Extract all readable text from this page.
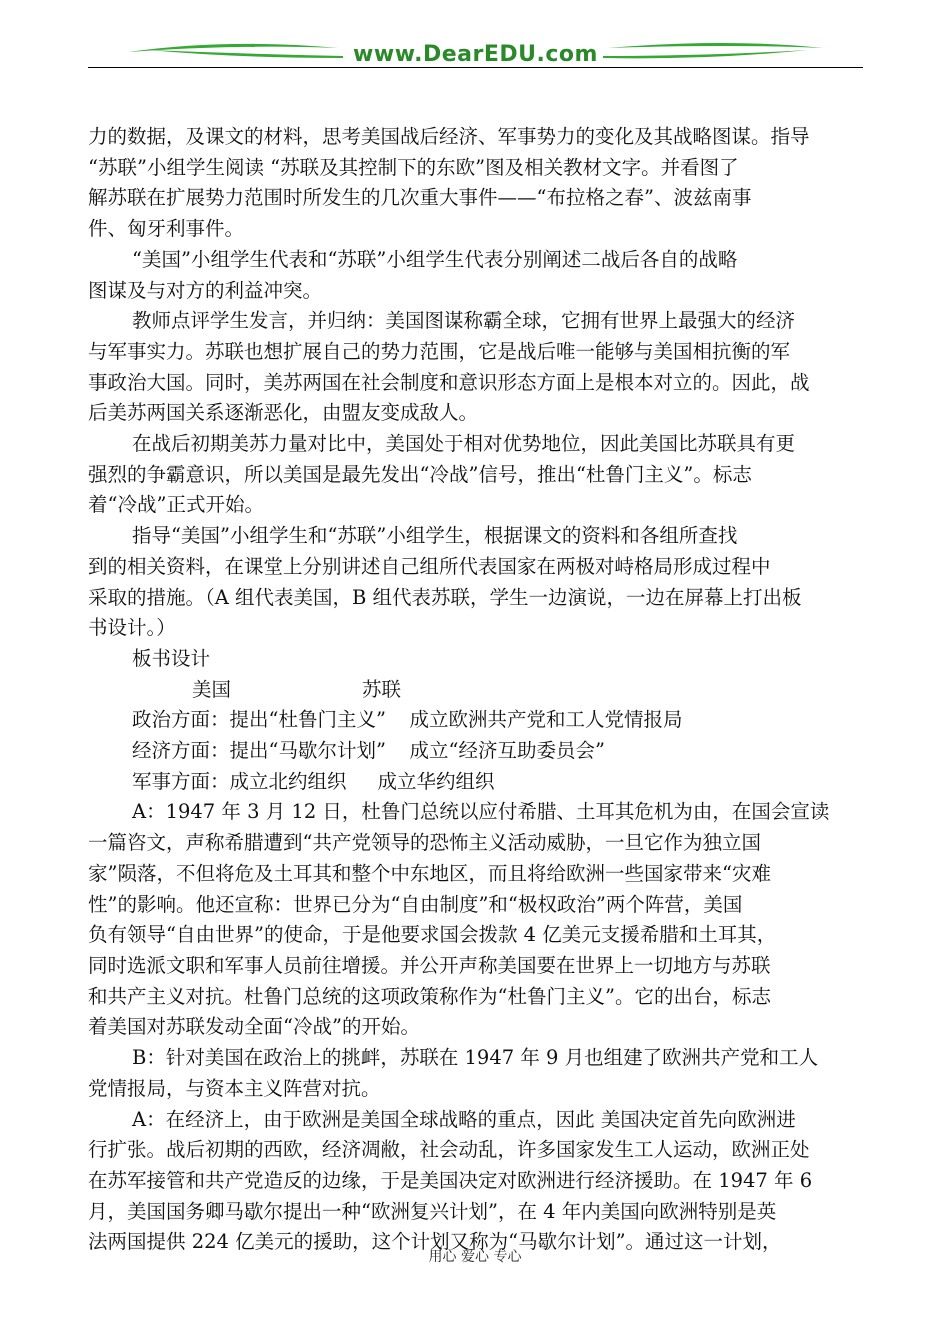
www.DearEDU.com

力的数据，及课文的材料，思考美国战后经济、军事势力的变化及其战略图谋。指导
“苏联”小组学生阅读 “苏联及其控制下的东欧”图及相关教材文字。并看图了
解苏联在扩展势力范围时所发生的几次重大事件——“布拉格之春”、波兹南事
件、匈牙利事件。

“美国”小组学生代表和“苏联”小组学生代表分别阐述二战后各自的战略
图谋及与对方的利益冲突。

教师点评学生发言，并归纳：美国图谋称霸全球，它拥有世界上最强大的经济
与军事实力。苏联也想扩展自己的势力范围，它是战后唯一能够与美国相抗衡的军
事政治大国。同时，美苏两国在社会制度和意识形态方面上是根本对立的。因此，战
后美苏两国关系逐渐恶化，由盟友变成敌人。

在战后初期美苏力量对比中，美国处于相对优势地位，因此美国比苏联具有更
强烈的争霸意识，所以美国是最先发出“冷战”信号，推出“杜鲁门主义”。标志
着“冷战”正式开始。

指导“美国”小组学生和“苏联”小组学生，根据课文的资料和各组所查找
到的相关资料，在课堂上分别讲述自己组所代表国家在两极对峙格局形成过程中
采取的措施。（A 组代表美国，B 组代表苏联，学生一边演说，一边在屏幕上打出板
书设计。）

板书设计
美国	苏联
政治方面：提出“杜鲁门主义” 成立欧洲共产党和工人党情报局
经济方面：提出“马歇尔计划” 成立“经济互助委员会”
军事方面：成立北约组织 成立华约组织

A：1947 年 3 月 12 日，杜鲁门总统以应付希腊、土耳其危机为由，在国会宣读
一篇咨文，声称希腊遭到“共产党领导的恐怖主义活动威胁，一旦它作为独立国
家”陨落，不但将危及土耳其和整个中东地区，而且将给欧洲一些国家带来“灾难
性”的影响。他还宣称：世界已分为“自由制度”和“极权政治”两个阵营，美国
负有领导“自由世界”的使命，于是他要求国会拨款 4 亿美元支援希腊和土耳其，
同时选派文职和军事人员前往增援。并公开声称美国要在世界上一切地方与苏联
和共产主义对抗。杜鲁门总统的这项政策称作为“杜鲁门主义”。它的出台，标志
着美国对苏联发动全面“冷战”的开始。

B：针对美国在政治上的挑衅，苏联在 1947 年 9 月也组建了欧洲共产党和工人
党情报局，与资本主义阵营对抗。

A：在经济上，由于欧洲是美国全球战略的重点，因此 美国决定首先向欧洲进
行扩张。战后初期的西欧，经济凋敝，社会动乱，许多国家发生工人运动，欧洲正处
在苏军接管和共产党造反的边缘，于是美国决定对欧洲进行经济援助。在 1947 年 6
月，美国国务卿马歇尔提出一种“欧洲复兴计划”，在 4 年内美国向欧洲特别是英
法两国提供 224 亿美元的援助，这个计划又称为“马歇尔计划”。通过这一计划，

用心 爱心 专心
